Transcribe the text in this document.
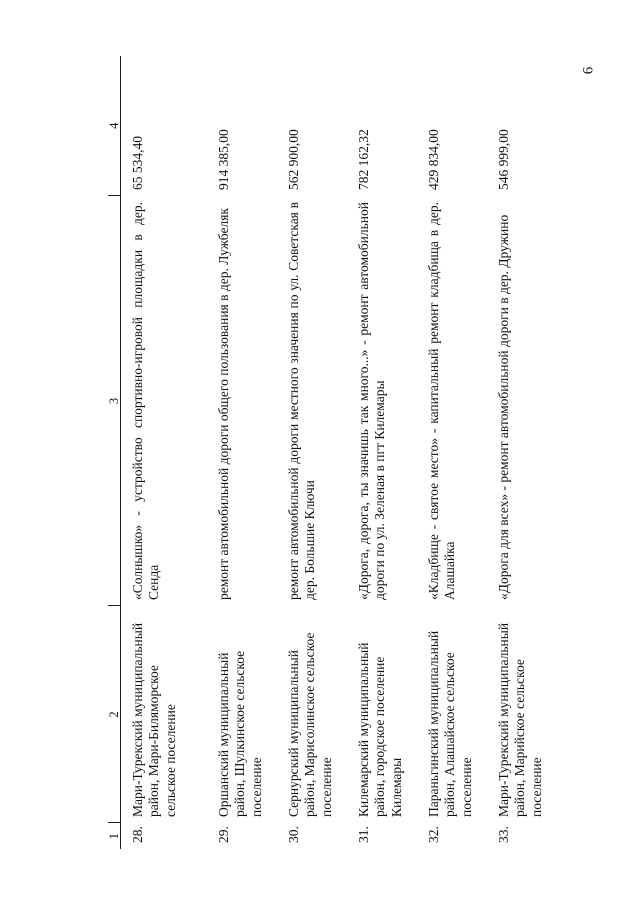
6
1	2	3	4
28.	Мари-Турекский муниципальный район, Мари-Биляморское сельское поселение	«Солнышко» - устройство спортивно-игровой площадки в дер. Сенда	65 534,40
29.	Оршанский муниципальный район, Шулкинское сельское поселение	ремонт автомобильной дороги общего пользования в дер. Лужбеляк	914 385,00
30.	Сернурский муниципальный район, Марисолинское сельское поселение	ремонт автомобильной дороги местного значения по ул. Советская в дер. Большие Ключи	562 900,00
31.	Килемарский муниципальный район, городское поселение Килемары	«Дорога, дорога, ты значишь так много...» - ремонт автомобильной дороги по ул. Зеленая в пгт Килемары	782 162,32
32.	Параньгинский муниципальный район, Алашайское сельское поселение	«Кладбище - святое место» - капитальный ремонт кладбища в дер. Алашайка	429 834,00
33.	Мари-Турекский муниципальный район, Марийское сельское поселение	«Дорога для всех» - ремонт автомобильной дороги в дер. Дружино	546 999,00
